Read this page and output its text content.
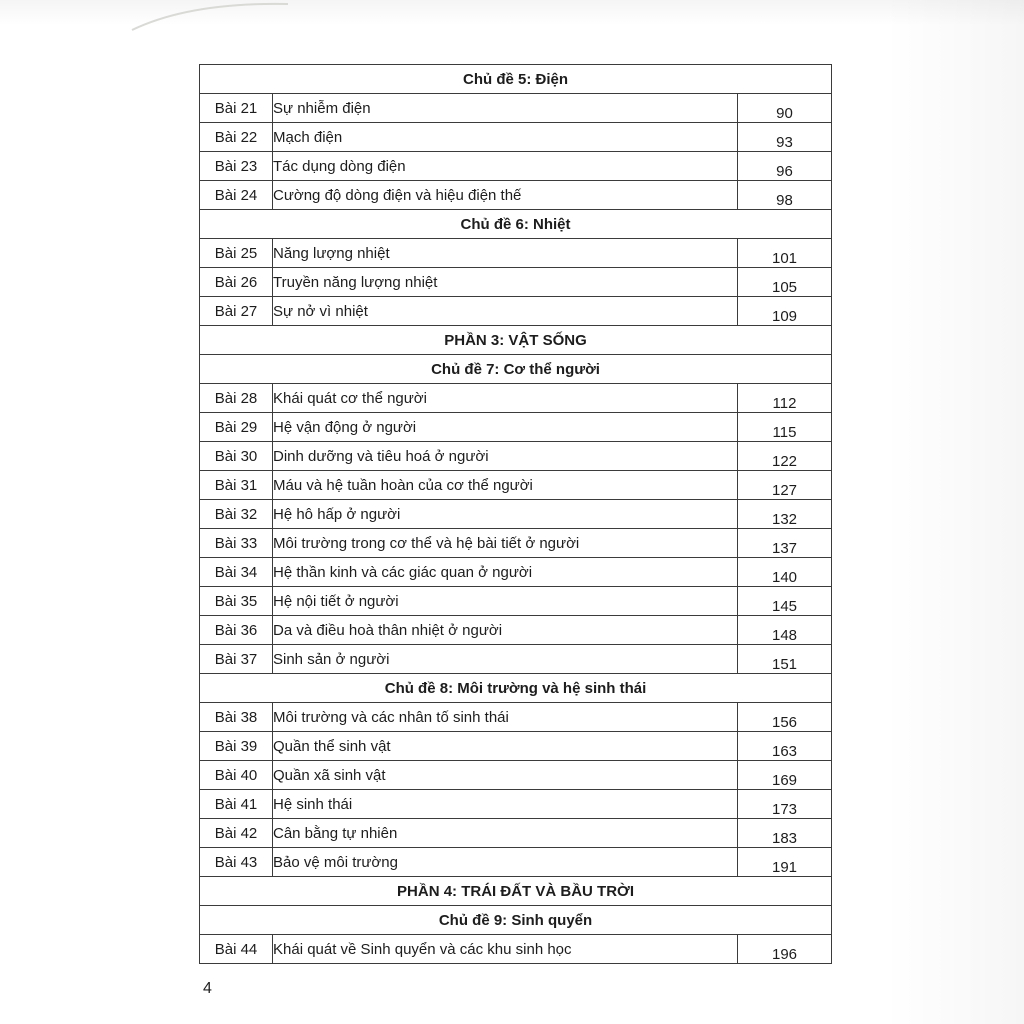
Chủ đề 5: Điện		
Bài 21	Sự nhiễm điện	90
Bài 22	Mạch điện	93
Bài 23	Tác dụng dòng điện	96
Bài 24	Cường độ dòng điện và hiệu điện thế	98
Chủ đề 6: Nhiệt		
Bài 25	Năng lượng nhiệt	101
Bài 26	Truyền năng lượng nhiệt	105
Bài 27	Sự nở vì nhiệt	109
PHẦN 3: VẬT SỐNG		
Chủ đề 7: Cơ thể người		
Bài 28	Khái quát cơ thể người	112
Bài 29	Hệ vận động ở người	115
Bài 30	Dinh dưỡng và tiêu hoá ở người	122
Bài 31	Máu và hệ tuần hoàn của cơ thể người	127
Bài 32	Hệ hô hấp ở người	132
Bài 33	Môi trường trong cơ thể và hệ bài tiết ở người	137
Bài 34	Hệ thần kinh và các giác quan ở người	140
Bài 35	Hệ nội tiết ở người	145
Bài 36	Da và điều hoà thân nhiệt ở người	148
Bài 37	Sinh sản ở người	151
Chủ đề 8: Môi trường và hệ sinh thái		
Bài 38	Môi trường và các nhân tố sinh thái	156
Bài 39	Quần thể sinh vật	163
Bài 40	Quần xã sinh vật	169
Bài 41	Hệ sinh thái	173
Bài 42	Cân bằng tự nhiên	183
Bài 43	Bảo vệ môi trường	191
PHẦN 4: TRÁI ĐẤT VÀ BẦU TRỜI		
Chủ đề 9: Sinh quyển		
Bài 44	Khái quát về Sinh quyển và các khu sinh học	196
4
